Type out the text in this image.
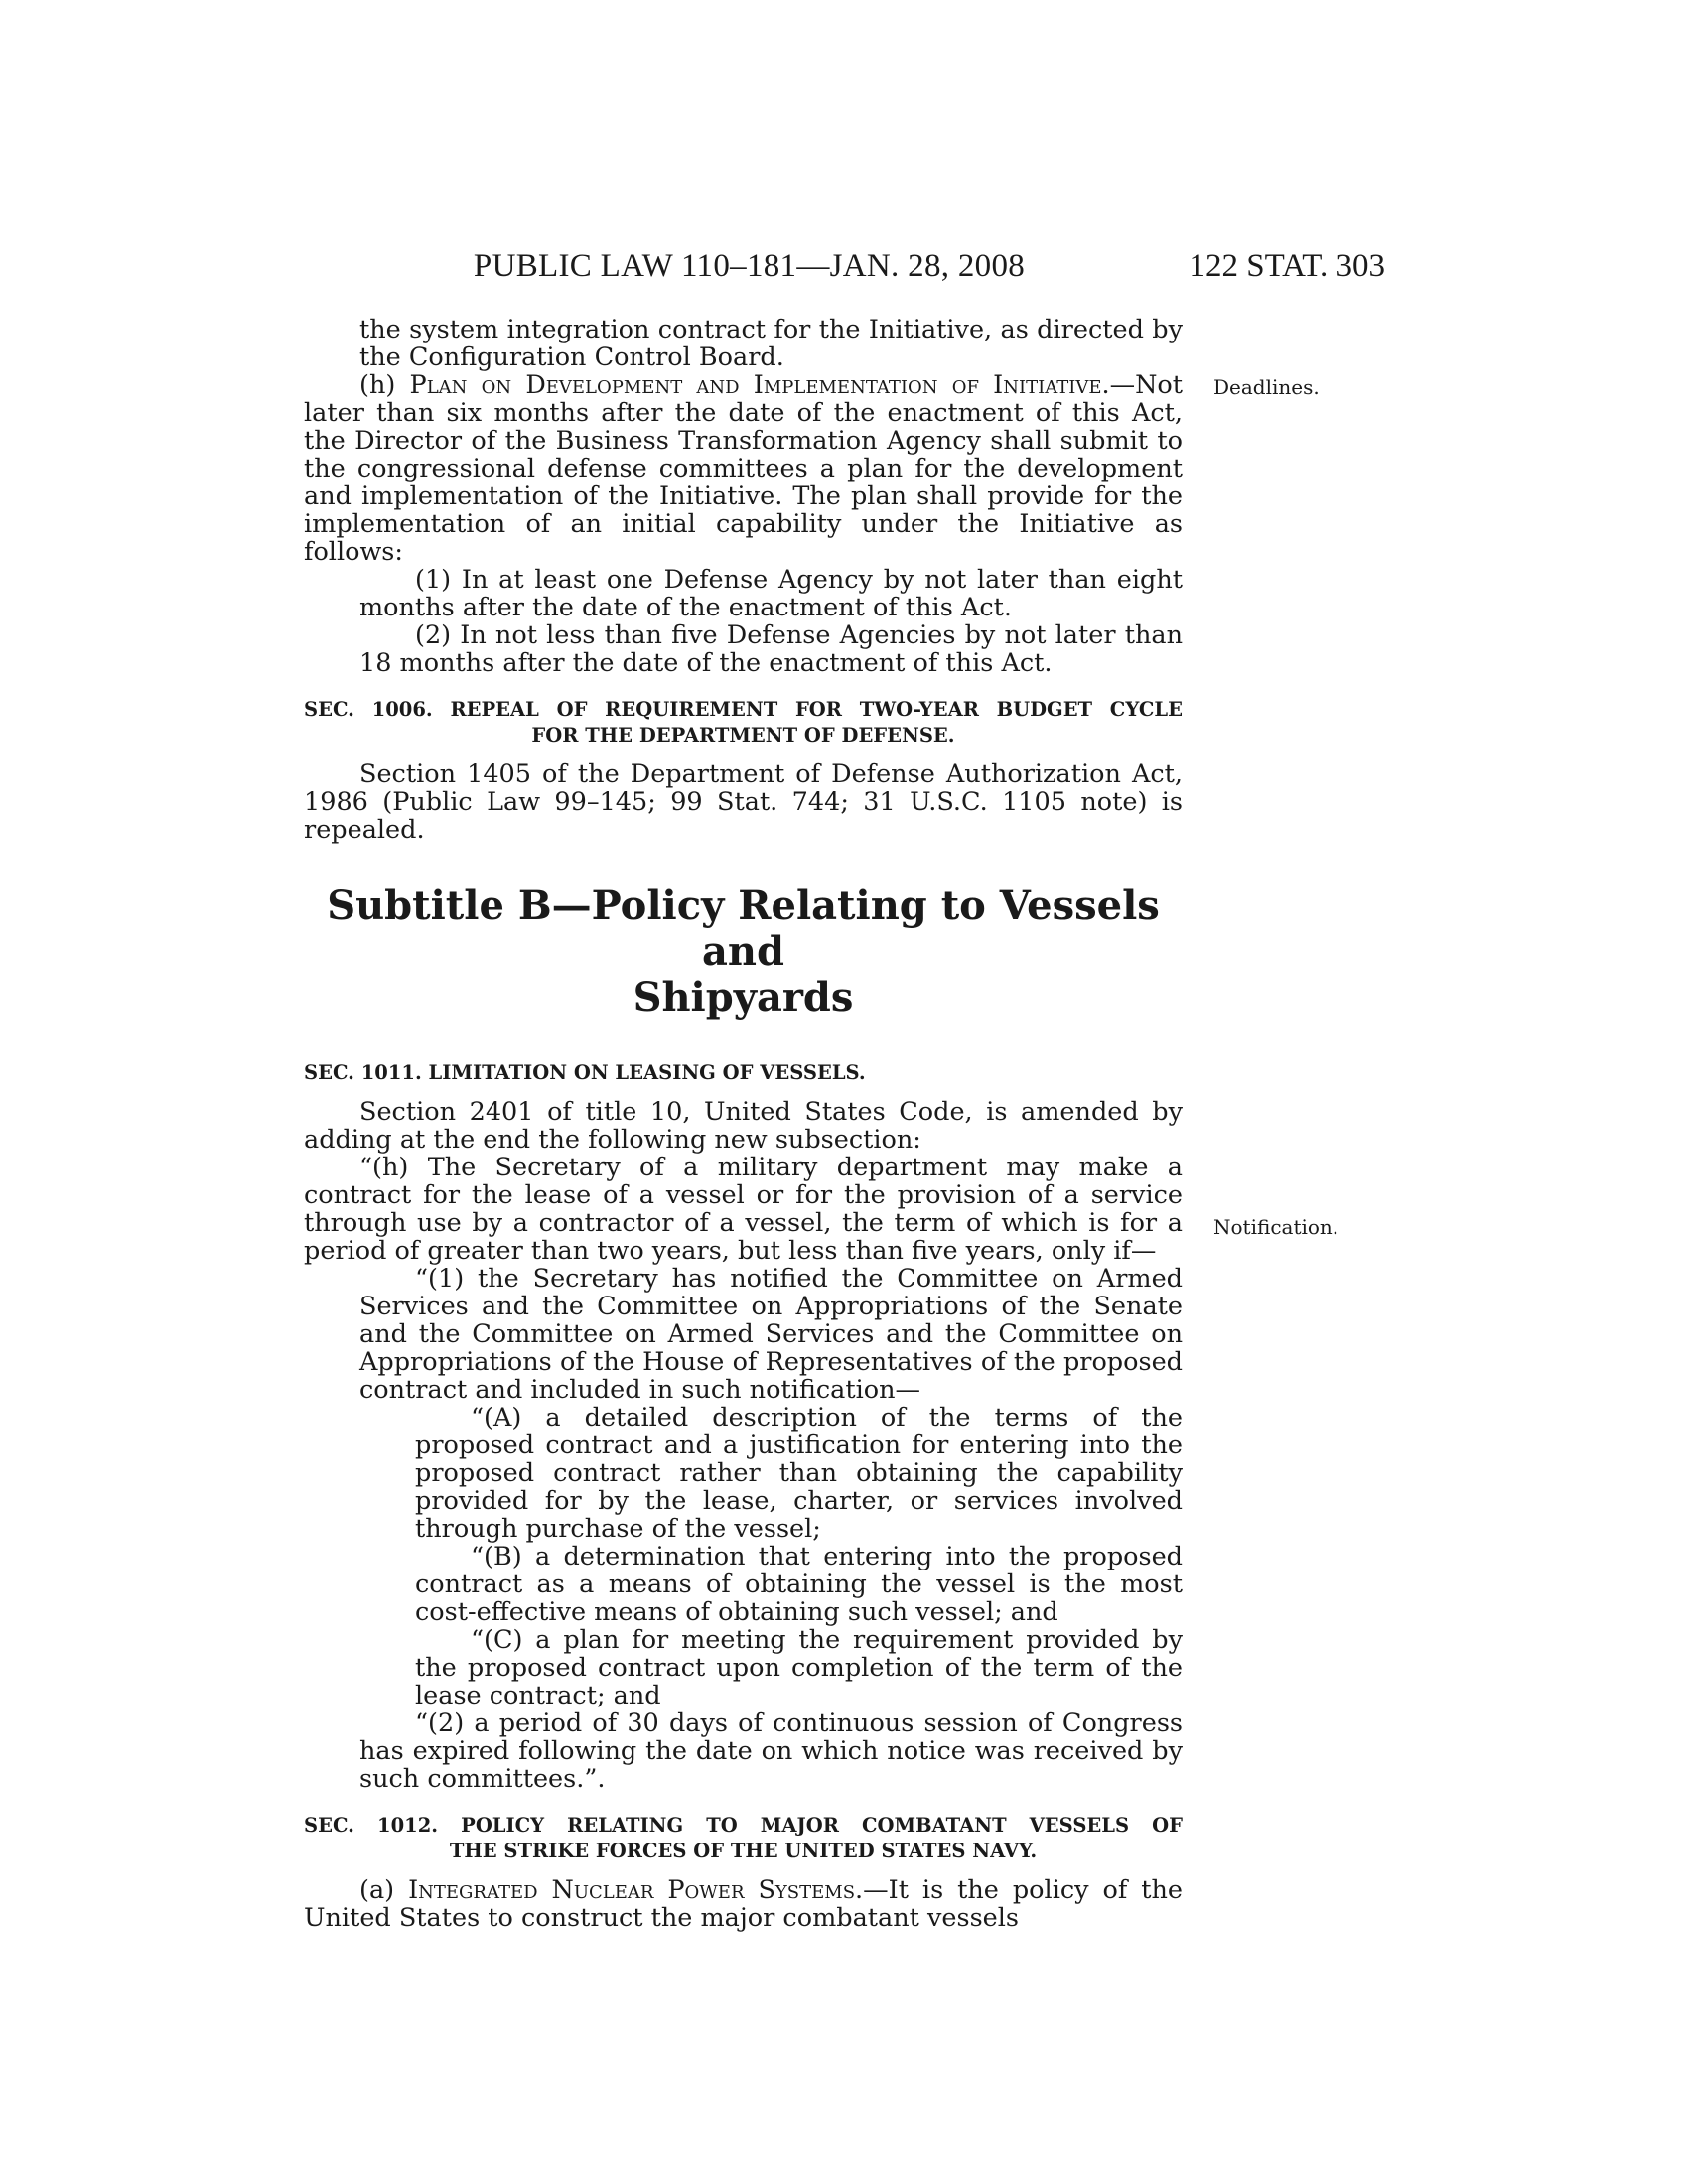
PUBLIC LAW 110–181—JAN. 28, 2008	122 STAT. 303
Deadlines.
Notification.

the system integration contract for the Initiative, as directed by the Configuration Control Board.

(h) Plan on Development and Implementation of Initiative.—Not later than six months after the date of the enactment of this Act, the Director of the Business Transformation Agency shall submit to the congressional defense committees a plan for the development and implementation of the Initiative. The plan shall provide for the implementation of an initial capability under the Initiative as follows:

(1) In at least one Defense Agency by not later than eight months after the date of the enactment of this Act.

(2) In not less than five Defense Agencies by not later than 18 months after the date of the enactment of this Act.

SEC. 1006. REPEAL OF REQUIREMENT FOR TWO-YEAR BUDGET CYCLE
FOR THE DEPARTMENT OF DEFENSE.

Section 1405 of the Department of Defense Authorization Act, 1986 (Public Law 99–145; 99 Stat. 744; 31 U.S.C. 1105 note) is repealed.

Subtitle B—Policy Relating to Vessels and
Shipyards
SEC. 1011. LIMITATION ON LEASING OF VESSELS.

Section 2401 of title 10, United States Code, is amended by adding at the end the following new subsection:

“(h) The Secretary of a military department may make a contract for the lease of a vessel or for the provision of a service through use by a contractor of a vessel, the term of which is for a period of greater than two years, but less than five years, only if—

“(1) the Secretary has notified the Committee on Armed Services and the Committee on Appropriations of the Senate and the Committee on Armed Services and the Committee on Appropriations of the House of Representatives of the proposed contract and included in such notification—

“(A) a detailed description of the terms of the proposed contract and a justification for entering into the proposed contract rather than obtaining the capability provided for by the lease, charter, or services involved through purchase of the vessel;

“(B) a determination that entering into the proposed contract as a means of obtaining the vessel is the most cost-effective means of obtaining such vessel; and

“(C) a plan for meeting the requirement provided by the proposed contract upon completion of the term of the lease contract; and

“(2) a period of 30 days of continuous session of Congress has expired following the date on which notice was received by such committees.”.

SEC. 1012. POLICY RELATING TO MAJOR COMBATANT VESSELS OF
THE STRIKE FORCES OF THE UNITED STATES NAVY.

(a) Integrated Nuclear Power Systems.—It is the policy of the United States to construct the major combatant vessels
